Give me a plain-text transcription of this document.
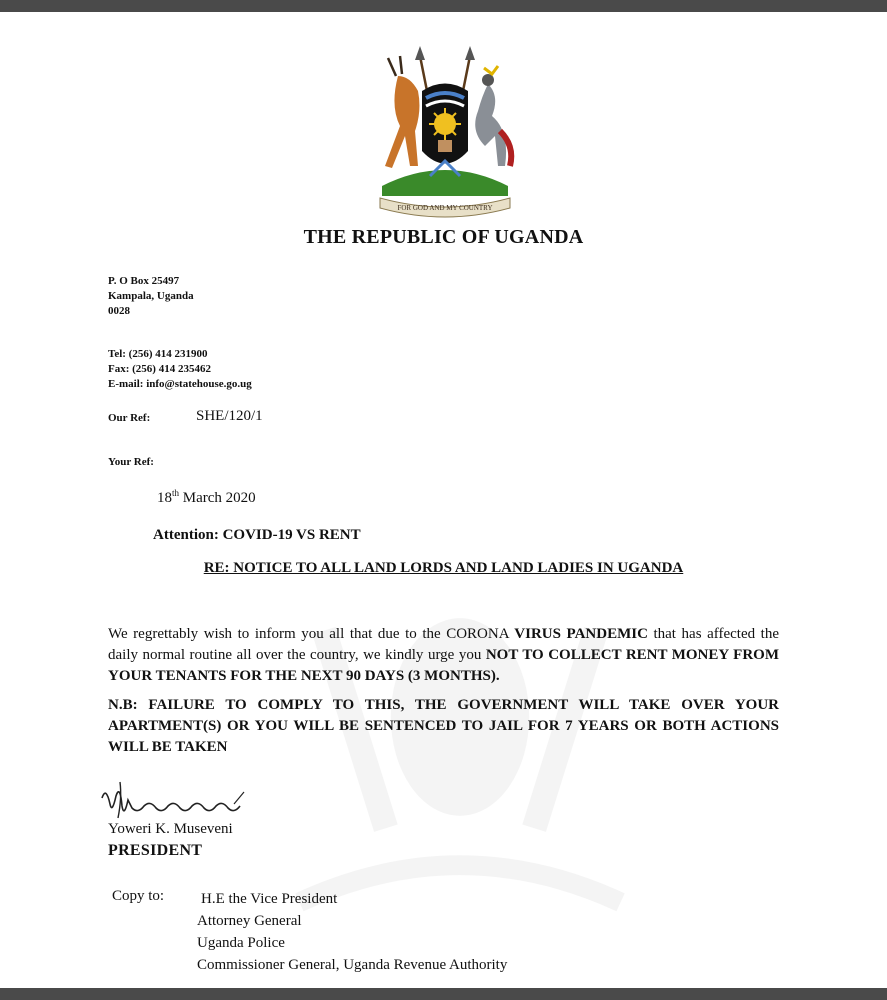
FOR GOD AND MY COUNTRY
THE REPUBLIC OF UGANDA
P. O Box 25497
Kampala, Uganda
0028
Tel: (256) 414 231900
Fax: (256) 414 235462
E-mail: info@statehouse.go.ug
Our Ref:	SHE/120/1
Your Ref:
18th March 2020
Attention: COVID-19 VS RENT
RE: NOTICE TO ALL LAND LORDS AND LAND LADIES IN UGANDA
We regrettably wish to inform you all that due to the CORONA VIRUS PANDEMIC that has affected the daily normal routine all over the country, we kindly urge you NOT TO COLLECT RENT MONEY FROM YOUR TENANTS FOR THE NEXT 90 DAYS (3 MONTHS).
N.B: FAILURE TO COMPLY TO THIS, THE GOVERNMENT WILL TAKE OVER YOUR APARTMENT(S) OR YOU WILL BE SENTENCED TO JAIL FOR 7 YEARS OR BOTH ACTIONS WILL BE TAKEN
Yoweri K. Museveni
PRESIDENT
Copy to: H.E the Vice President
Attorney General
Uganda Police
Commissioner General, Uganda Revenue Authority
